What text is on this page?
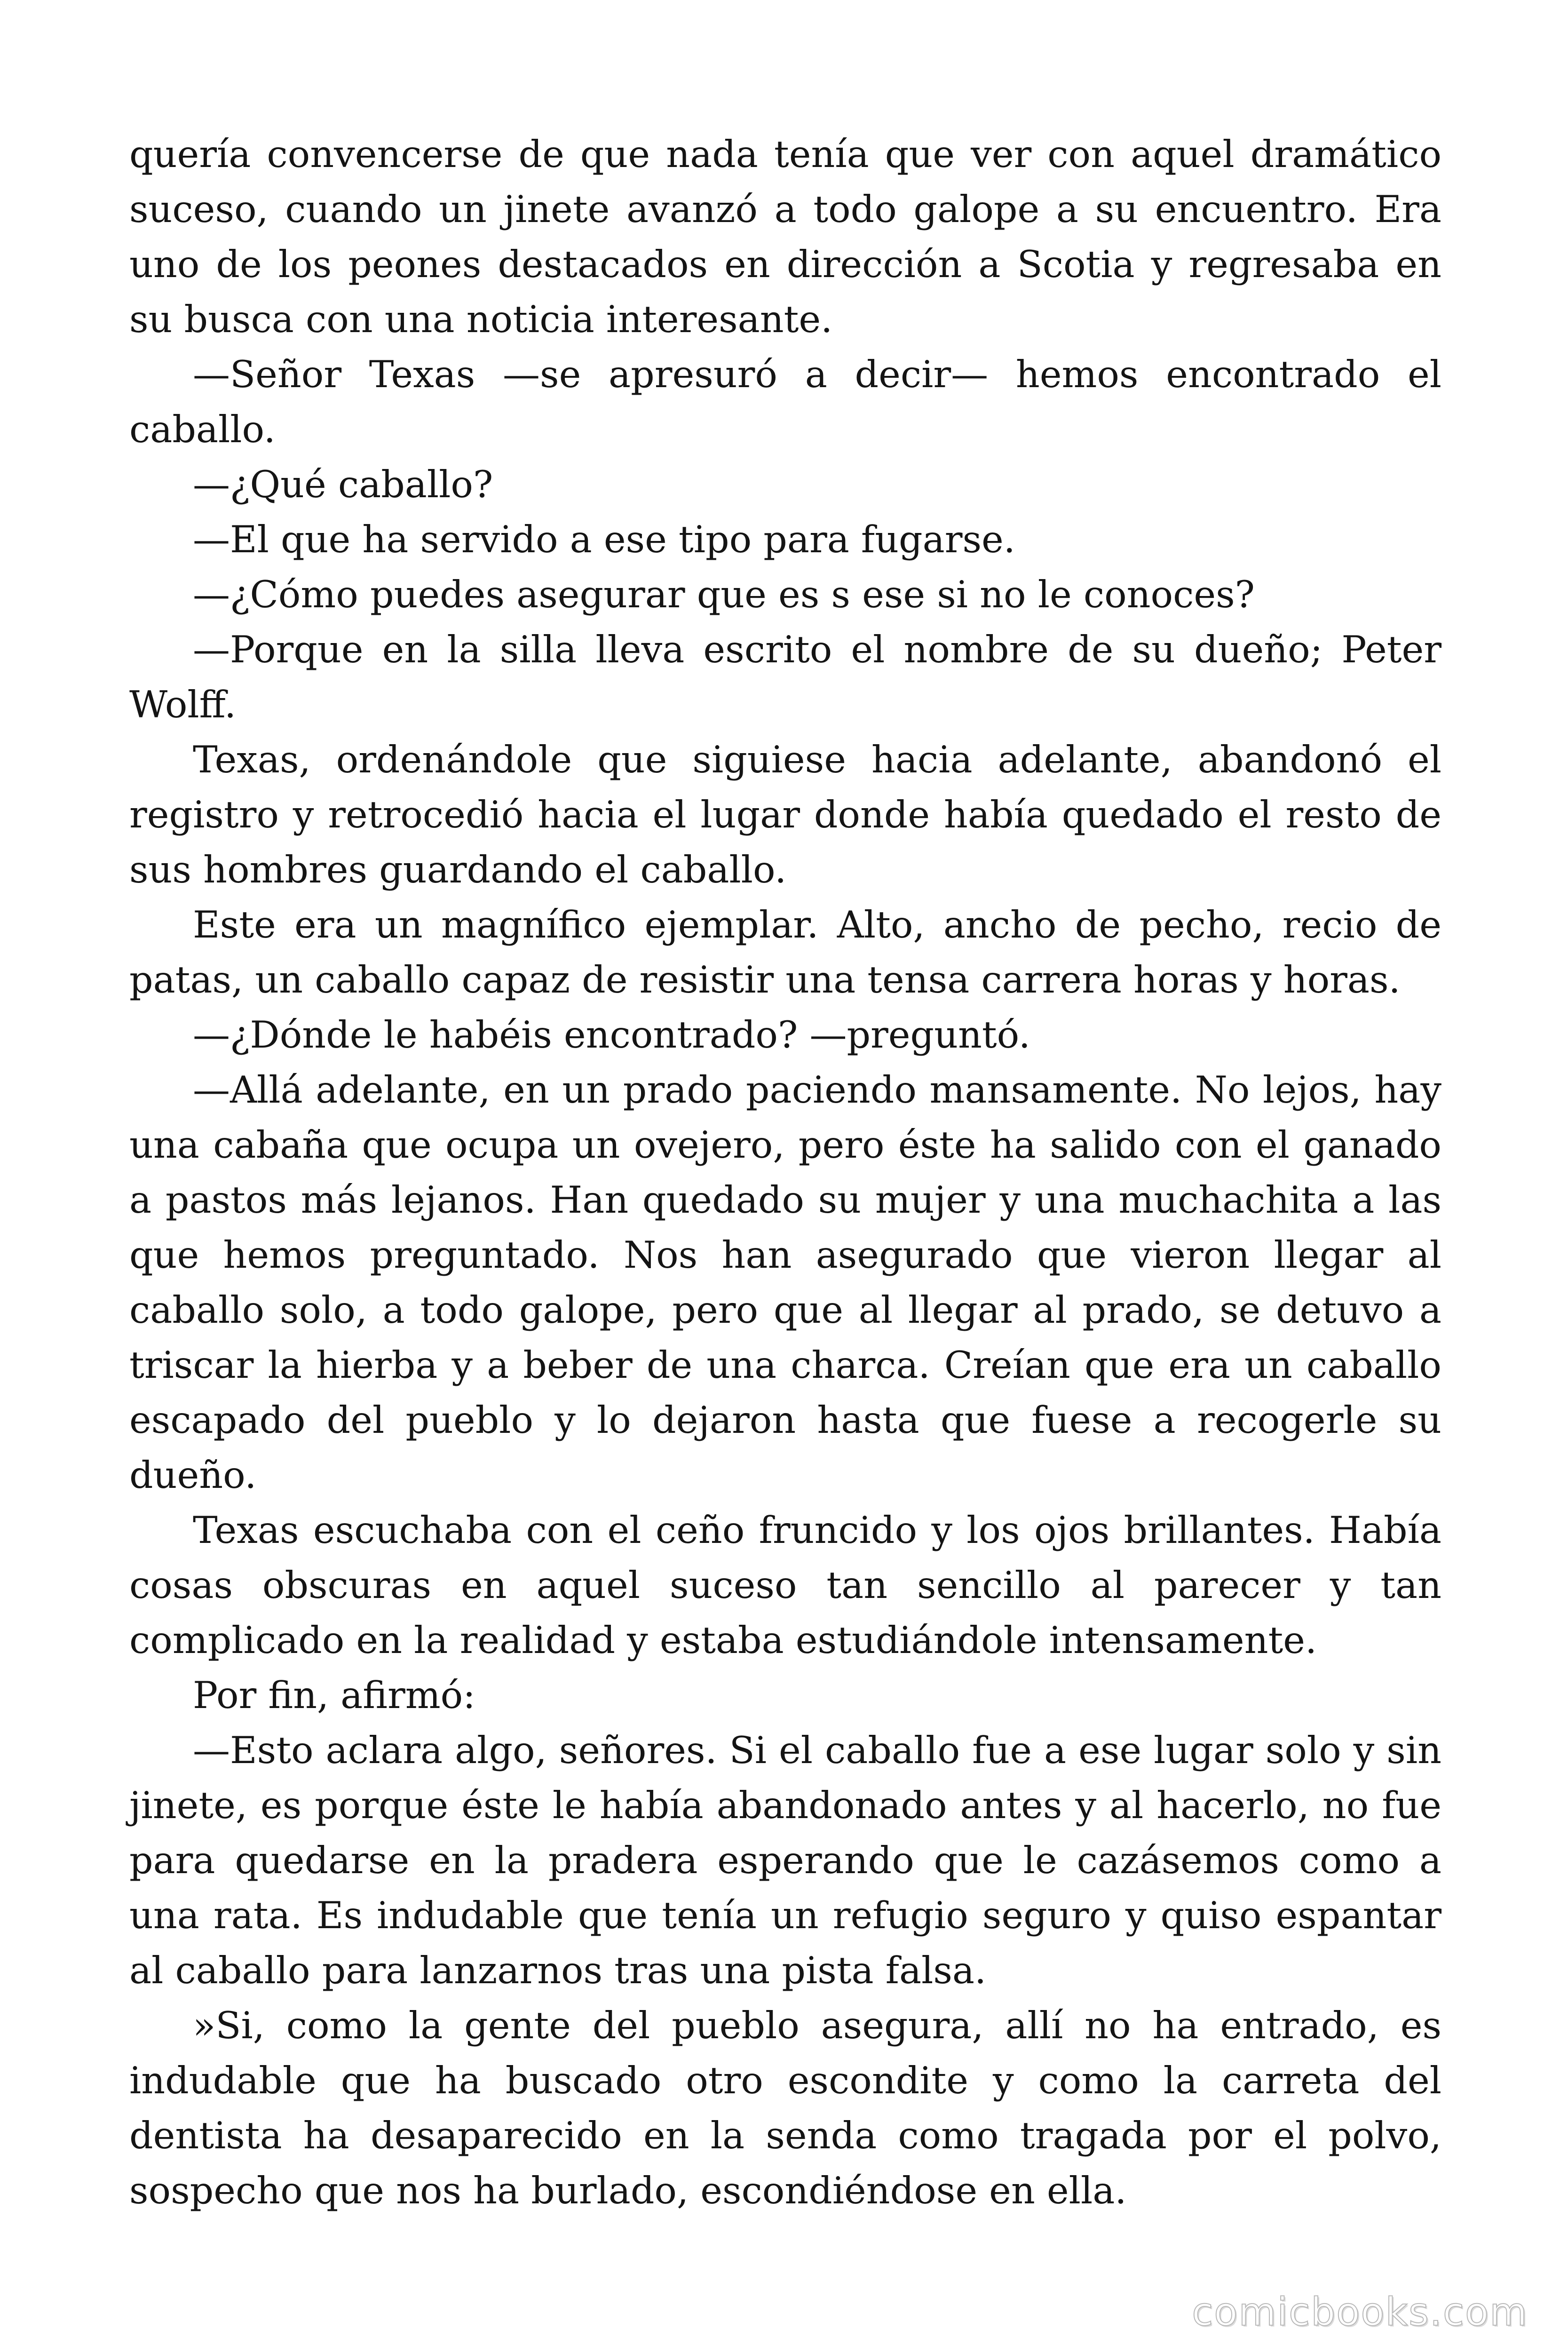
quería convencerse de que nada tenía que ver con aquel dramático suceso, cuando un jinete avanzó a todo galope a su encuentro. Era uno de los peones destacados en dirección a Scotia y regresaba en su busca con una noticia interesante.

—Señor Texas —se apresuró a decir— hemos encontrado el caballo.

—¿Qué caballo?

—El que ha servido a ese tipo para fugarse.

—¿Cómo puedes asegurar que es s ese si no le conoces?

—Porque en la silla lleva escrito el nombre de su dueño; Peter Wolff.

Texas, ordenándole que siguiese hacia adelante, abandonó el registro y retrocedió hacia el lugar donde había quedado el resto de sus hombres guardando el caballo.

Este era un magnífico ejemplar. Alto, ancho de pecho, recio de patas, un caballo capaz de resistir una tensa carrera horas y horas.

—¿Dónde le habéis encontrado? —preguntó.

—Allá adelante, en un prado paciendo mansamente. No lejos, hay una cabaña que ocupa un ovejero, pero éste ha salido con el ganado a pastos más lejanos. Han quedado su mujer y una muchachita a las que hemos preguntado. Nos han asegurado que vieron llegar al caballo solo, a todo galope, pero que al llegar al prado, se detuvo a triscar la hierba y a beber de una charca. Creían que era un caballo escapado del pueblo y lo dejaron hasta que fuese a recogerle su dueño.

Texas escuchaba con el ceño fruncido y los ojos brillantes. Había cosas obscuras en aquel suceso tan sencillo al parecer y tan complicado en la realidad y estaba estudiándole intensamente.

Por fin, afirmó:

—Esto aclara algo, señores. Si el caballo fue a ese lugar solo y sin jinete, es porque éste le había abandonado antes y al hacerlo, no fue para quedarse en la pradera esperando que le cazásemos como a una rata. Es indudable que tenía un refugio seguro y quiso espantar al caballo para lanzarnos tras una pista falsa.

»Si, como la gente del pueblo asegura, allí no ha entrado, es indudable que ha buscado otro escondite y como la carreta del dentista ha desaparecido en la senda como tragada por el polvo, sospecho que nos ha burlado, escondiéndose en ella.

comicbooks.com
